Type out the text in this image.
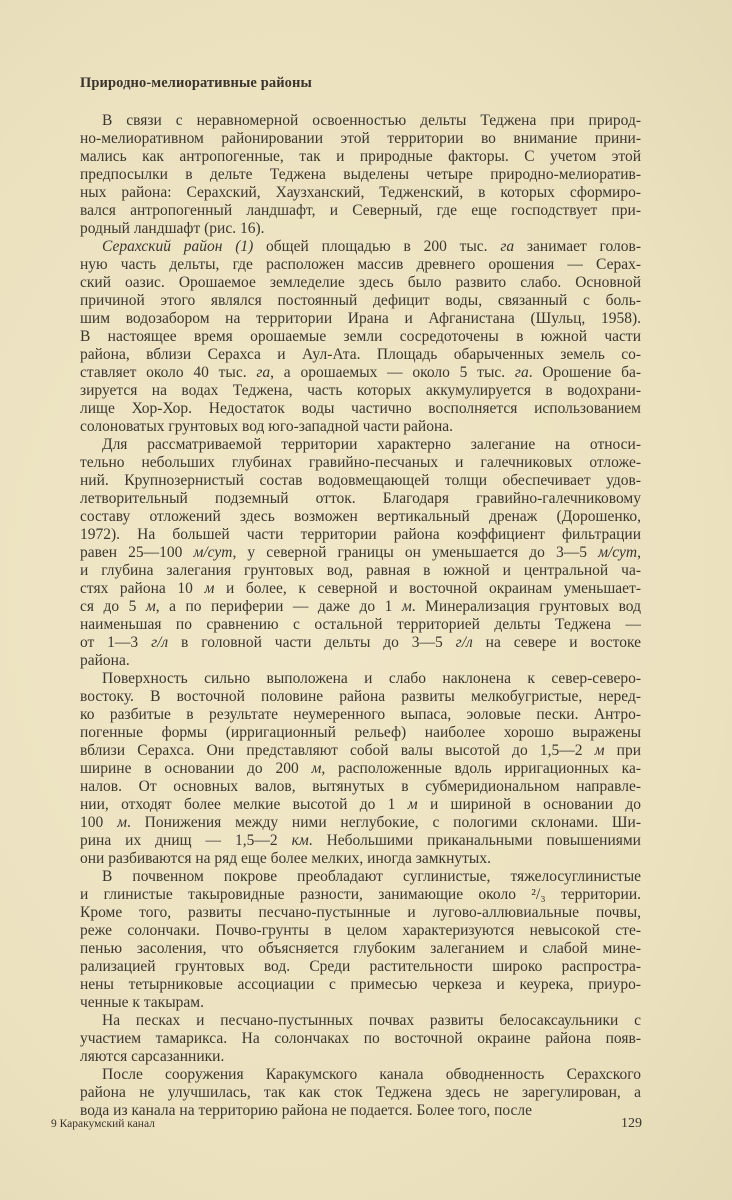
Природно-мелиоративные районы
В связи с неравномерной освоенностью дельты Теджена при природ-
но-мелиоративном районировании этой территории во внимание прини-
мались как антропогенные, так и природные факторы. С учетом этой
предпосылки в дельте Теджена выделены четыре природно-мелиоратив-
ных района: Серахский, Хаузханский, Тедженский, в которых сформиро-
вался антропогенный ландшафт, и Северный, где еще господствует при-
родный ландшафт (рис. 16).
Серахский район (1) общей площадью в 200 тыс. га занимает голов-
ную часть дельты, где расположен массив древнего орошения — Серах-
ский оазис. Орошаемое земледелие здесь было развито слабо. Основной
причиной этого являлся постоянный дефицит воды, связанный с боль-
шим водозабором на территории Ирана и Афганистана (Шульц, 1958).
В настоящее время орошаемые земли сосредоточены в южной части
района, вблизи Серахса и Аул-Ата. Площадь обарыченных земель со-
ставляет около 40 тыс. га, а орошаемых — около 5 тыс. га. Орошение ба-
зируется на водах Теджена, часть которых аккумулируется в водохрани-
лище Хор-Хор. Недостаток воды частично восполняется использованием
солоноватых грунтовых вод юго-западной части района.
Для рассматриваемой территории характерно залегание на относи-
тельно небольших глубинах гравийно-песчаных и галечниковых отложе-
ний. Крупнозернистый состав водовмещающей толщи обеспечивает удов-
летворительный подземный отток. Благодаря гравийно-галечниковому
составу отложений здесь возможен вертикальный дренаж (Дорошенко,
1972). На большей части территории района коэффициент фильтрации
равен 25—100 м/сут, у северной границы он уменьшается до 3—5 м/сут,
и глубина залегания грунтовых вод, равная в южной и центральной ча-
стях района 10 м и более, к северной и восточной окраинам уменьшает-
ся до 5 м, а по периферии — даже до 1 м. Минерализация грунтовых вод
наименьшая по сравнению с остальной территорией дельты Теджена —
от 1—3 г/л в головной части дельты до 3—5 г/л на севере и востоке
района.
Поверхность сильно выположена и слабо наклонена к север-северо-
востоку. В восточной половине района развиты мелкобугристые, неред-
ко разбитые в результате неумеренного выпаса, эоловые пески. Антро-
погенные формы (ирригационный рельеф) наиболее хорошо выражены
вблизи Серахса. Они представляют собой валы высотой до 1,5—2 м при
ширине в основании до 200 м, расположенные вдоль ирригационных ка-
налов. От основных валов, вытянутых в субмеридиональном направле-
нии, отходят более мелкие высотой до 1 м и шириной в основании до
100 м. Понижения между ними неглубокие, с пологими склонами. Ши-
рина их днищ — 1,5—2 км. Небольшими приканальными повышениями
они разбиваются на ряд еще более мелких, иногда замкнутых.
В почвенном покрове преобладают суглинистые, тяжелосуглинистые
и глинистые такыровидные разности, занимающие около ²/₃ территории.
Кроме того, развиты песчано-пустынные и лугово-аллювиальные почвы,
реже солончаки. Почво-грунты в целом характеризуются невысокой сте-
пенью засоления, что объясняется глубоким залеганием и слабой мине-
рализацией грунтовых вод. Среди растительности широко распростра-
нены тетырниковые ассоциации с примесью черкеза и кеурека, приуро-
ченные к такырам.
На песках и песчано-пустынных почвах развиты белосаксаульники с
участием тамарикса. На солончаках по восточной окраине района появ-
ляются сарсазанники.
После сооружения Каракумского канала обводненность Серахского
района не улучшилась, так как сток Теджена здесь не зарегулирован, а
вода из канала на территорию района не подается. Более того, после
9 Каракумский канал	129
